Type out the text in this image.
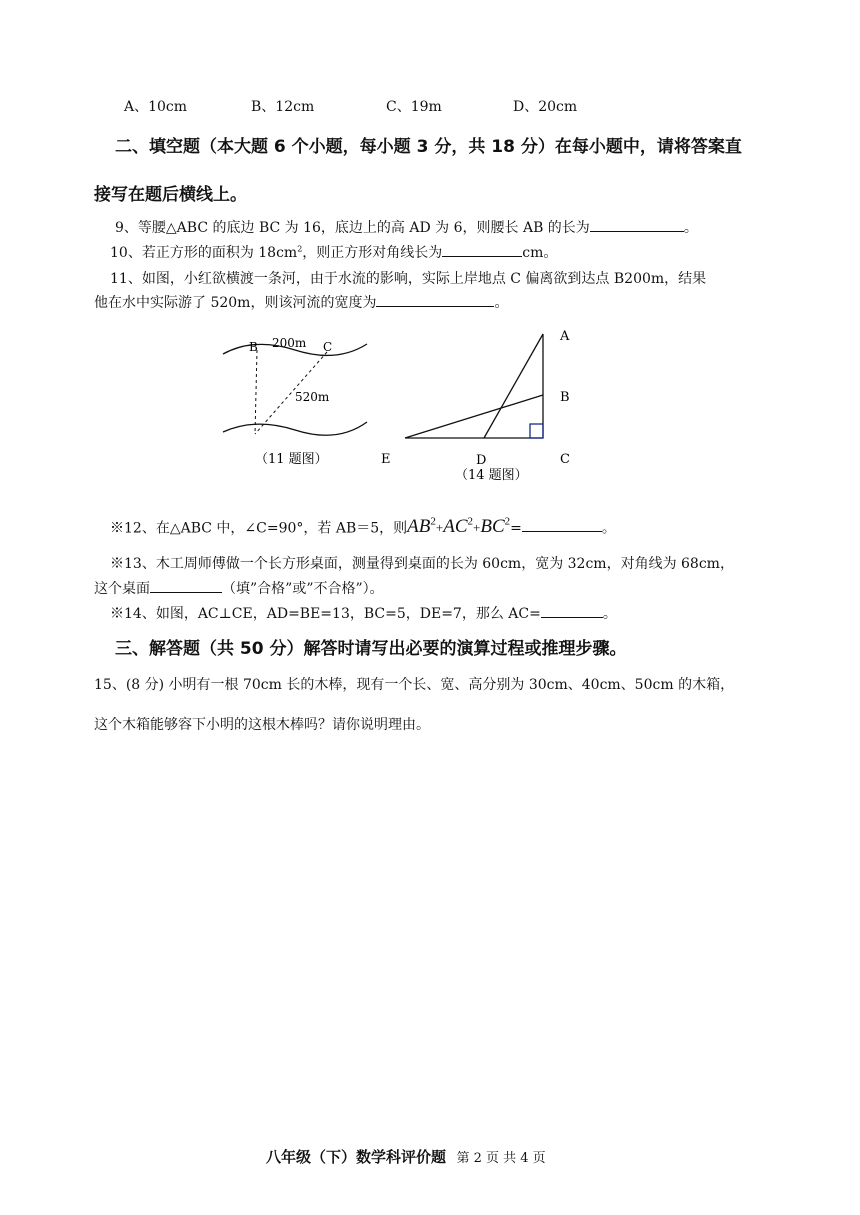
A、10cm	B、12cm	C、19m	D、20cm
二、填空题（本大题 6 个小题，每小题 3 分，共 18 分）在每小题中，请将答案直
接写在题后横线上。
9、等腰△ABC 的底边 BC 为 16，底边上的高 AD 为 6，则腰长 AB 的长为	。
10、若正方形的面积为 $18cm^2$，则正方形对角线长为	cm。
11、如图，小红欲横渡一条河，由于水流的影响，实际上岸地点 C 偏离欲到达点 B200m，结果
他在水中实际游了 520m，则该河流的宽度为	。
B	C
200m
520m
（11 题图）
A
B
C
D
E
（14 题图）
※12、在△ABC 中，∠C=90°，若 AB＝5，则$AB^2+AC^2+BC^2=$	。
※13、木工周师傅做一个长方形桌面，测量得到桌面的长为 60cm，宽为 32cm，对角线为 68cm，
这个桌面	（填”合格”或”不合格”）。
※14、如图，AC⊥CE，AD=BE=13，BC=5，DE=7，那么 AC=	。
三、解答题（共 50 分）解答时请写出必要的演算过程或推理步骤。
15、(8 分) 小明有一根 70cm 长的木棒，现有一个长、宽、高分别为 30cm、40cm、50cm 的木箱，
这个木箱能够容下小明的这根木棒吗？请你说明理由。
八年级（下）数学科评价题 第 2 页 共 4 页
